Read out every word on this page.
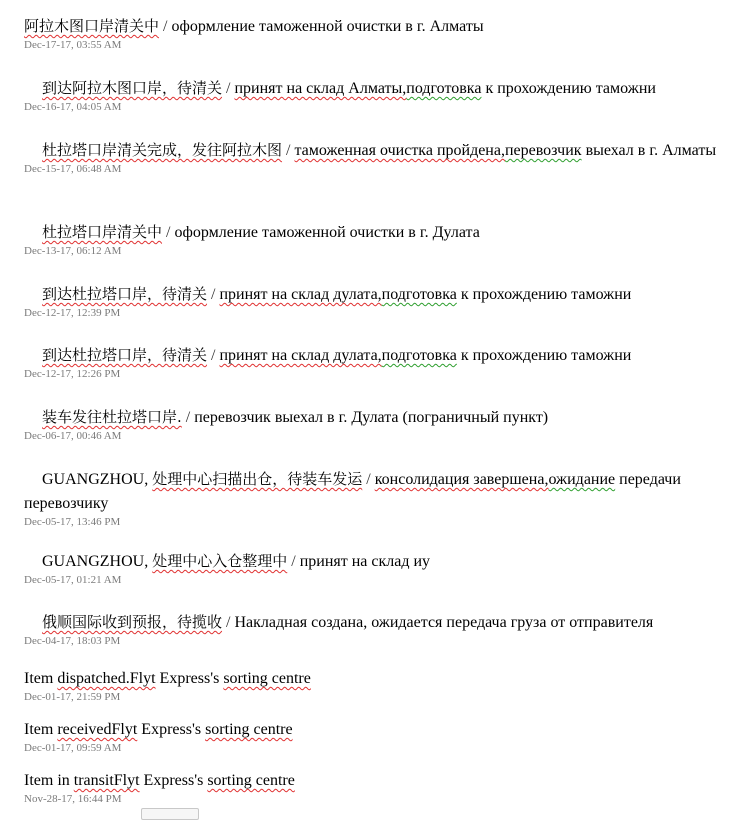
阿拉木图口岸清关中 / оформление таможенной очистки в г. Алматы

Dec-17-17, 03:55 AM

到达阿拉木图口岸，待清关 / принят на склад Алматы,подготовка к прохождению таможни

Dec-16-17, 04:05 AM

杜拉塔口岸清关完成，发往阿拉木图 / таможенная очистка пройдена,перевозчик выехал в г. Алматы

Dec-15-17, 06:48 AM

杜拉塔口岸清关中 / оформление таможенной очистки в г. Дулата

Dec-13-17, 06:12 AM

到达杜拉塔口岸，待清关 / принят на склад дулата,подготовка к прохождению таможни

Dec-12-17, 12:39 PM

到达杜拉塔口岸，待清关 / принят на склад дулата,подготовка к прохождению таможни

Dec-12-17, 12:26 PM

装车发往杜拉塔口岸. / перевозчик выехал в г. Дулата (пограничный пункт)

Dec-06-17, 00:46 AM

GUANGZHOU, 处理中心扫描出仓，待装车发运 / консолидация завершена,ожидание передачи перевозчику

Dec-05-17, 13:46 PM

GUANGZHOU, 处理中心入仓整理中 / принят на склад иу

Dec-05-17, 01:21 AM

俄顺国际收到预报，待揽收 / Накладная создана, ожидается передача груза от отправителя

Dec-04-17, 18:03 PM

Item dispatched.Flyt Express's sorting centre

Dec-01-17, 21:59 PM

Item receivedFlyt Express's sorting centre

Dec-01-17, 09:59 AM

Item in transitFlyt Express's sorting centre

Nov-28-17, 16:44 PM
